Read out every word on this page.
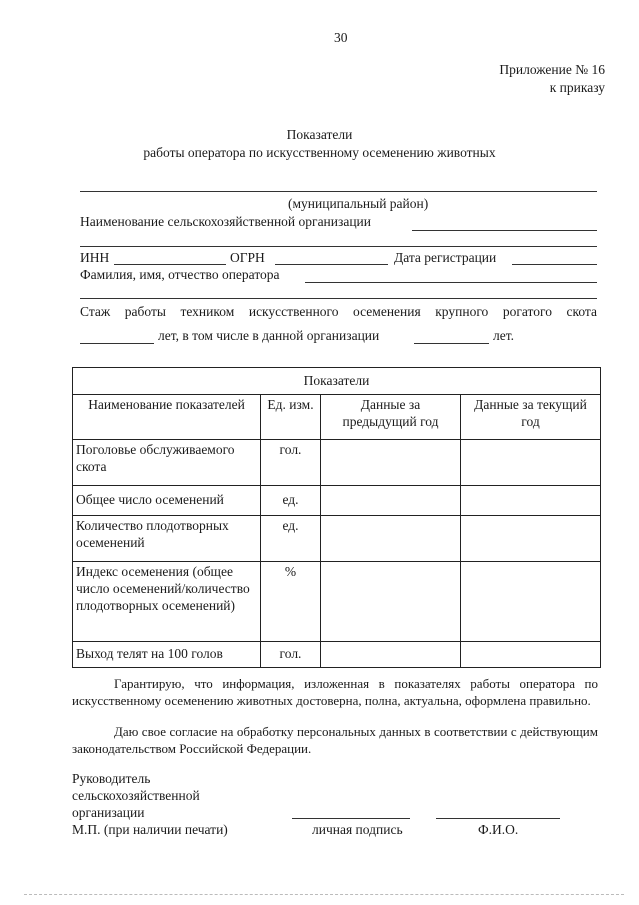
30
Приложение № 16
к приказу
Показатели
работы оператора по искусственному осеменению животных
(муниципальный район)
Наименование сельскохозяйственной организации
ИНН	ОГРН	Дата регистрации
Фамилия, имя, отчество оператора
Стаж работы техником искусственного осеменения крупного рогатого скота
лет, в том числе в данной организации	лет.
Показатели			
Наименование показателей	Ед. изм.	Данные за предыдущий год	Данные за текущий год
Поголовье обслуживаемого скота	гол.		
Общее число осеменений	ед.		
Количество плодотворных осеменений	ед.		
Индекс осеменения (общее число осеменений/количество плодотворных осеменений)	%		
Выход телят на 100 голов	гол.		
Гарантирую, что информация, изложенная в показателях работы оператора по искусственному осеменению животных достоверна, полна, актуальна, оформлена правильно.
Даю свое согласие на обработку персональных данных в соответствии с действующим законодательством Российской Федерации.
Руководитель
сельскохозяйственной
организации
М.П. (при наличии печати)	личная подпись	Ф.И.О.
